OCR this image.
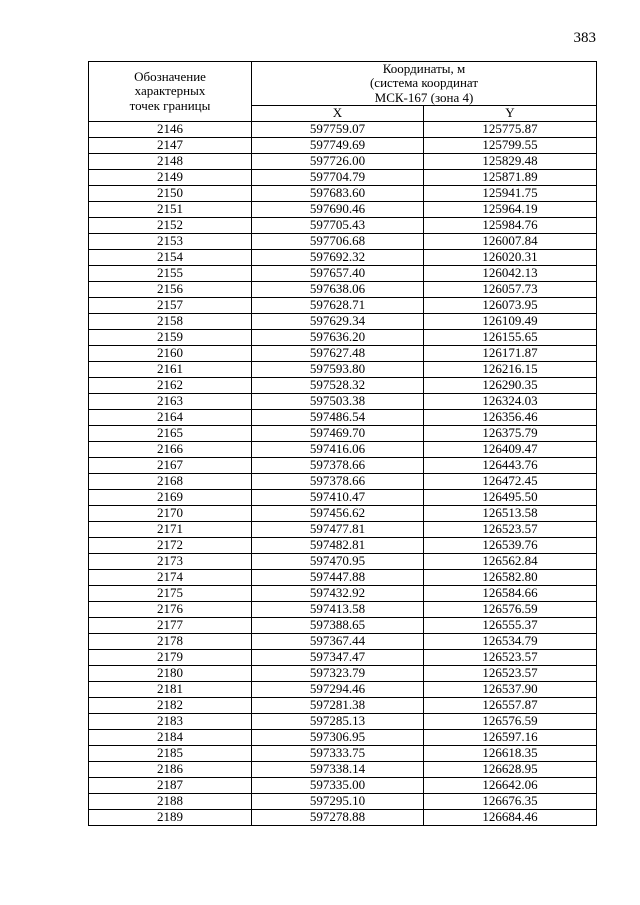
383
Обозначение
характерных
точек границы	Координаты, м
(система координат
МСК-167 (зона 4)	

	X	Y
2146	597759.07	125775.87
2147	597749.69	125799.55
2148	597726.00	125829.48
2149	597704.79	125871.89
2150	597683.60	125941.75
2151	597690.46	125964.19
2152	597705.43	125984.76
2153	597706.68	126007.84
2154	597692.32	126020.31
2155	597657.40	126042.13
2156	597638.06	126057.73
2157	597628.71	126073.95
2158	597629.34	126109.49
2159	597636.20	126155.65
2160	597627.48	126171.87
2161	597593.80	126216.15
2162	597528.32	126290.35
2163	597503.38	126324.03
2164	597486.54	126356.46
2165	597469.70	126375.79
2166	597416.06	126409.47
2167	597378.66	126443.76
2168	597378.66	126472.45
2169	597410.47	126495.50
2170	597456.62	126513.58
2171	597477.81	126523.57
2172	597482.81	126539.76
2173	597470.95	126562.84
2174	597447.88	126582.80
2175	597432.92	126584.66
2176	597413.58	126576.59
2177	597388.65	126555.37
2178	597367.44	126534.79
2179	597347.47	126523.57
2180	597323.79	126523.57
2181	597294.46	126537.90
2182	597281.38	126557.87
2183	597285.13	126576.59
2184	597306.95	126597.16
2185	597333.75	126618.35
2186	597338.14	126628.95
2187	597335.00	126642.06
2188	597295.10	126676.35
2189	597278.88	126684.46
